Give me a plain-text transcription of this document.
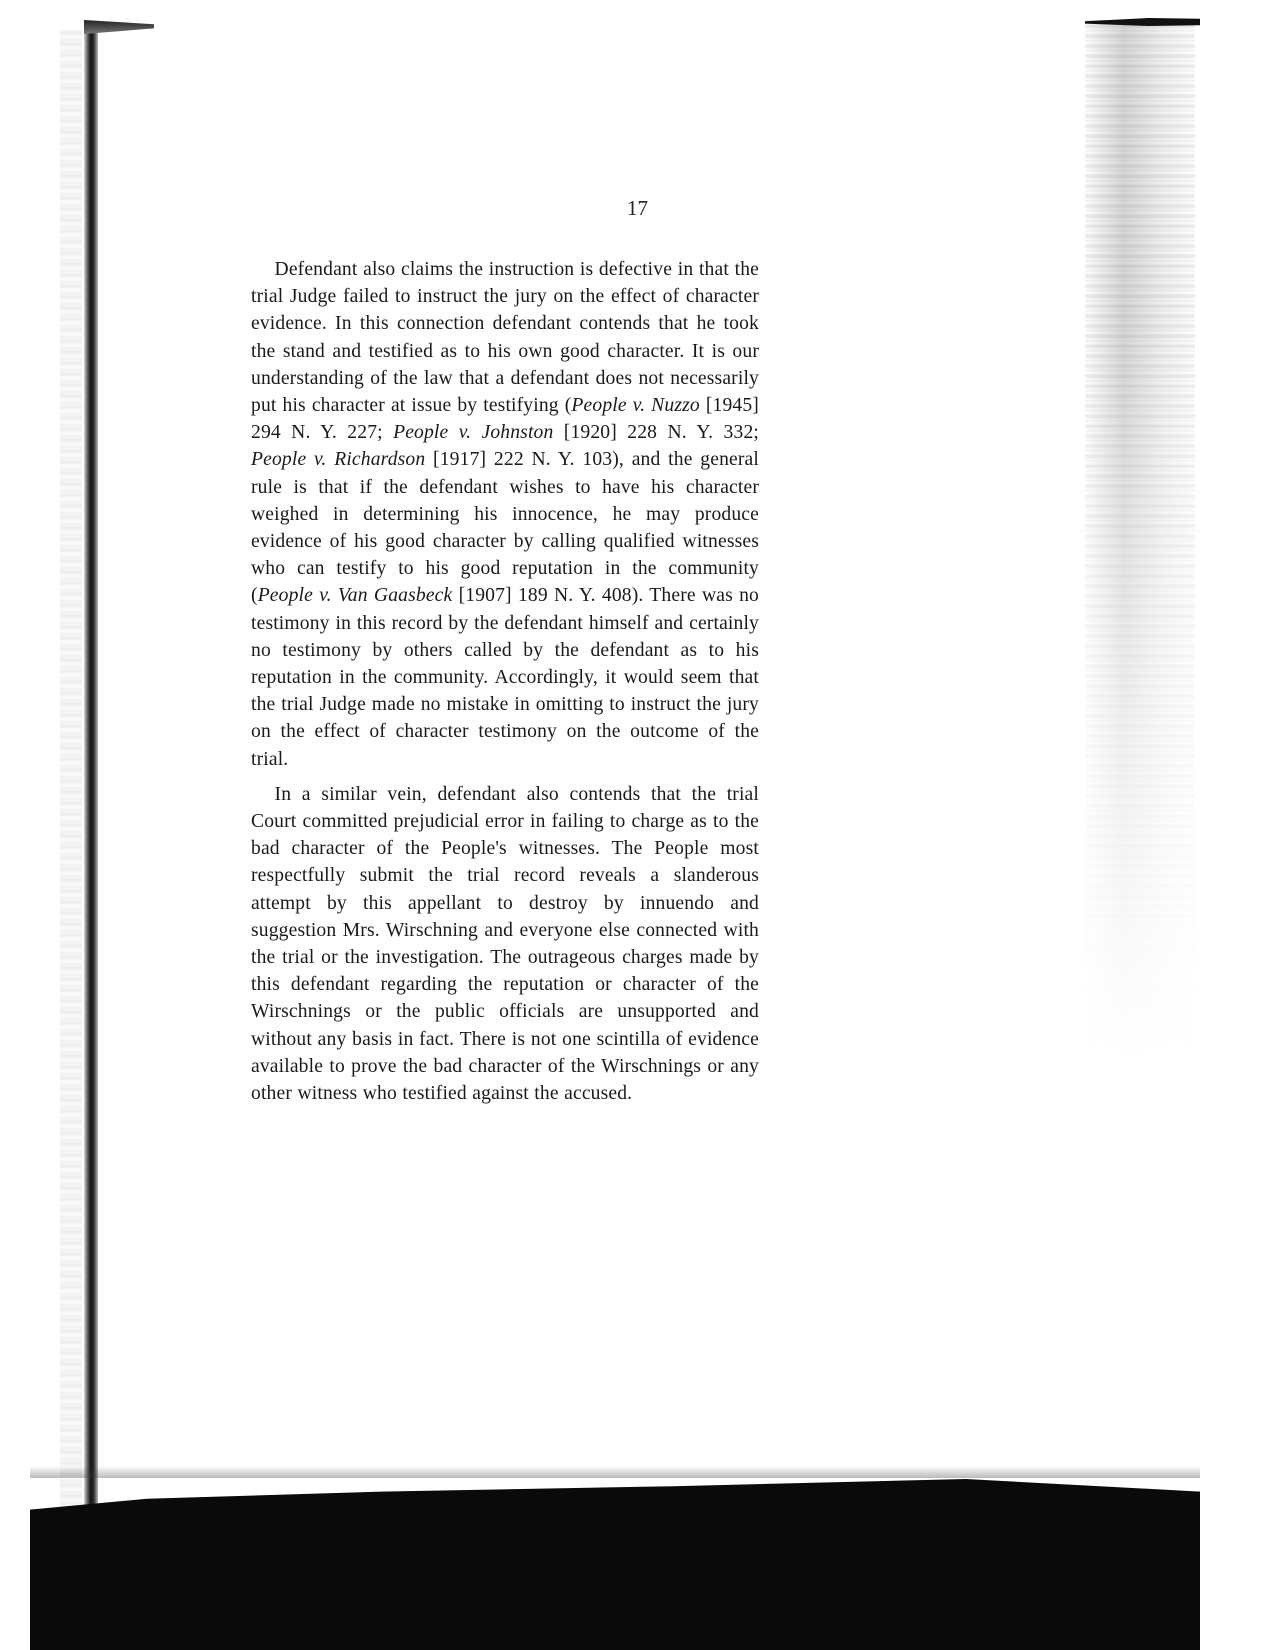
17

Defendant also claims the instruction is defective in that the trial Judge failed to instruct the jury on the effect of character evidence. In this connection defendant contends that he took the stand and testified as to his own good character. It is our understanding of the law that a defendant does not necessarily put his character at issue by testifying (People v. Nuzzo [1945] 294 N. Y. 227; People v. Johnston [1920] 228 N. Y. 332; People v. Richardson [1917] 222 N. Y. 103), and the general rule is that if the defendant wishes to have his character weighed in determining his innocence, he may produce evidence of his good character by calling qualified witnesses who can testify to his good reputation in the community (People v. Van Gaasbeck [1907] 189 N. Y. 408). There was no testimony in this record by the defendant himself and certainly no testimony by others called by the defendant as to his reputation in the community. Accordingly, it would seem that the trial Judge made no mistake in omitting to instruct the jury on the effect of character testimony on the outcome of the trial.

In a similar vein, defendant also contends that the trial Court committed prejudicial error in failing to charge as to the bad character of the People's witnesses. The People most respectfully submit the trial record reveals a slanderous attempt by this appellant to destroy by innuendo and suggestion Mrs. Wirschning and everyone else connected with the trial or the investigation. The outrageous charges made by this defendant regarding the reputation or character of the Wirschnings or the public officials are unsupported and without any basis in fact. There is not one scintilla of evidence available to prove the bad character of the Wirschnings or any other witness who testified against the accused.
